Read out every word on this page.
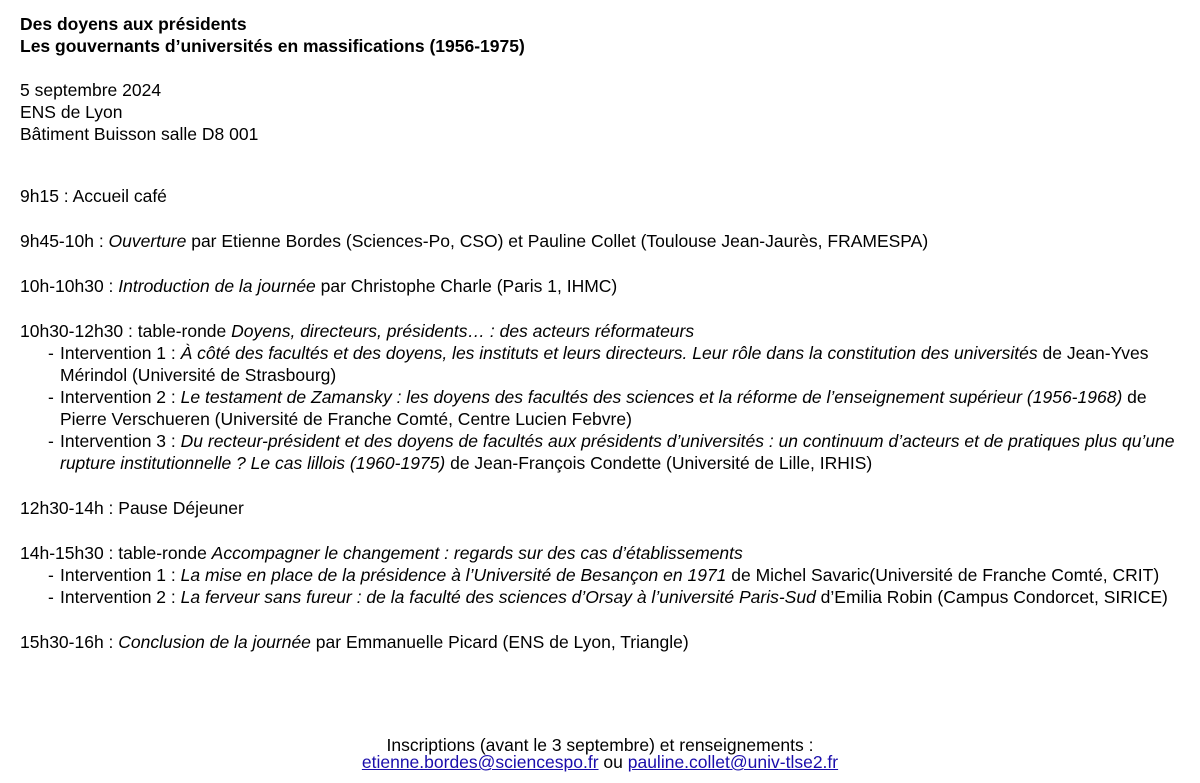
Des doyens aux présidents

Les gouvernants d’universités en massifications (1956-1975)

5 septembre 2024

ENS de Lyon

Bâtiment Buisson salle D8 001

9h15 : Accueil café

9h45-10h : Ouverture par Etienne Bordes (Sciences-Po, CSO) et Pauline Collet (Toulouse Jean-Jaurès, FRAMESPA)

10h-10h30 : Introduction de la journée par Christophe Charle (Paris 1, IHMC)

10h30-12h30 : table-ronde Doyens, directeurs, présidents… : des acteurs réformateurs

- Intervention 1 : À côté des facultés et des doyens, les instituts et leurs directeurs. Leur rôle dans la constitution des universités de Jean-Yves Mérindol (Université de Strasbourg)
- Intervention 2 : Le testament de Zamansky : les doyens des facultés des sciences et la réforme de l’enseignement supérieur (1956-1968) de Pierre Verschueren (Université de Franche Comté, Centre Lucien Febvre)
- Intervention 3 : Du recteur-président et des doyens de facultés aux présidents d’universités : un continuum d’acteurs et de pratiques plus qu’une rupture institutionnelle ? Le cas lillois (1960-1975) de Jean-François Condette (Université de Lille, IRHIS)

12h30-14h : Pause Déjeuner

14h-15h30 : table-ronde Accompagner le changement : regards sur des cas d’établissements

- Intervention 1 : La mise en place de la présidence à l’Université de Besançon en 1971 de Michel Savaric(Université de Franche Comté, CRIT)
- Intervention 2 : La ferveur sans fureur : de la faculté des sciences d’Orsay à l’université Paris-Sud d’Emilia Robin (Campus Condorcet, SIRICE)

15h30-16h : Conclusion de la journée par Emmanuelle Picard (ENS de Lyon, Triangle)

Inscriptions (avant le 3 septembre) et renseignements :
etienne.bordes@sciencespo.fr ou pauline.collet@univ-tlse2.fr
